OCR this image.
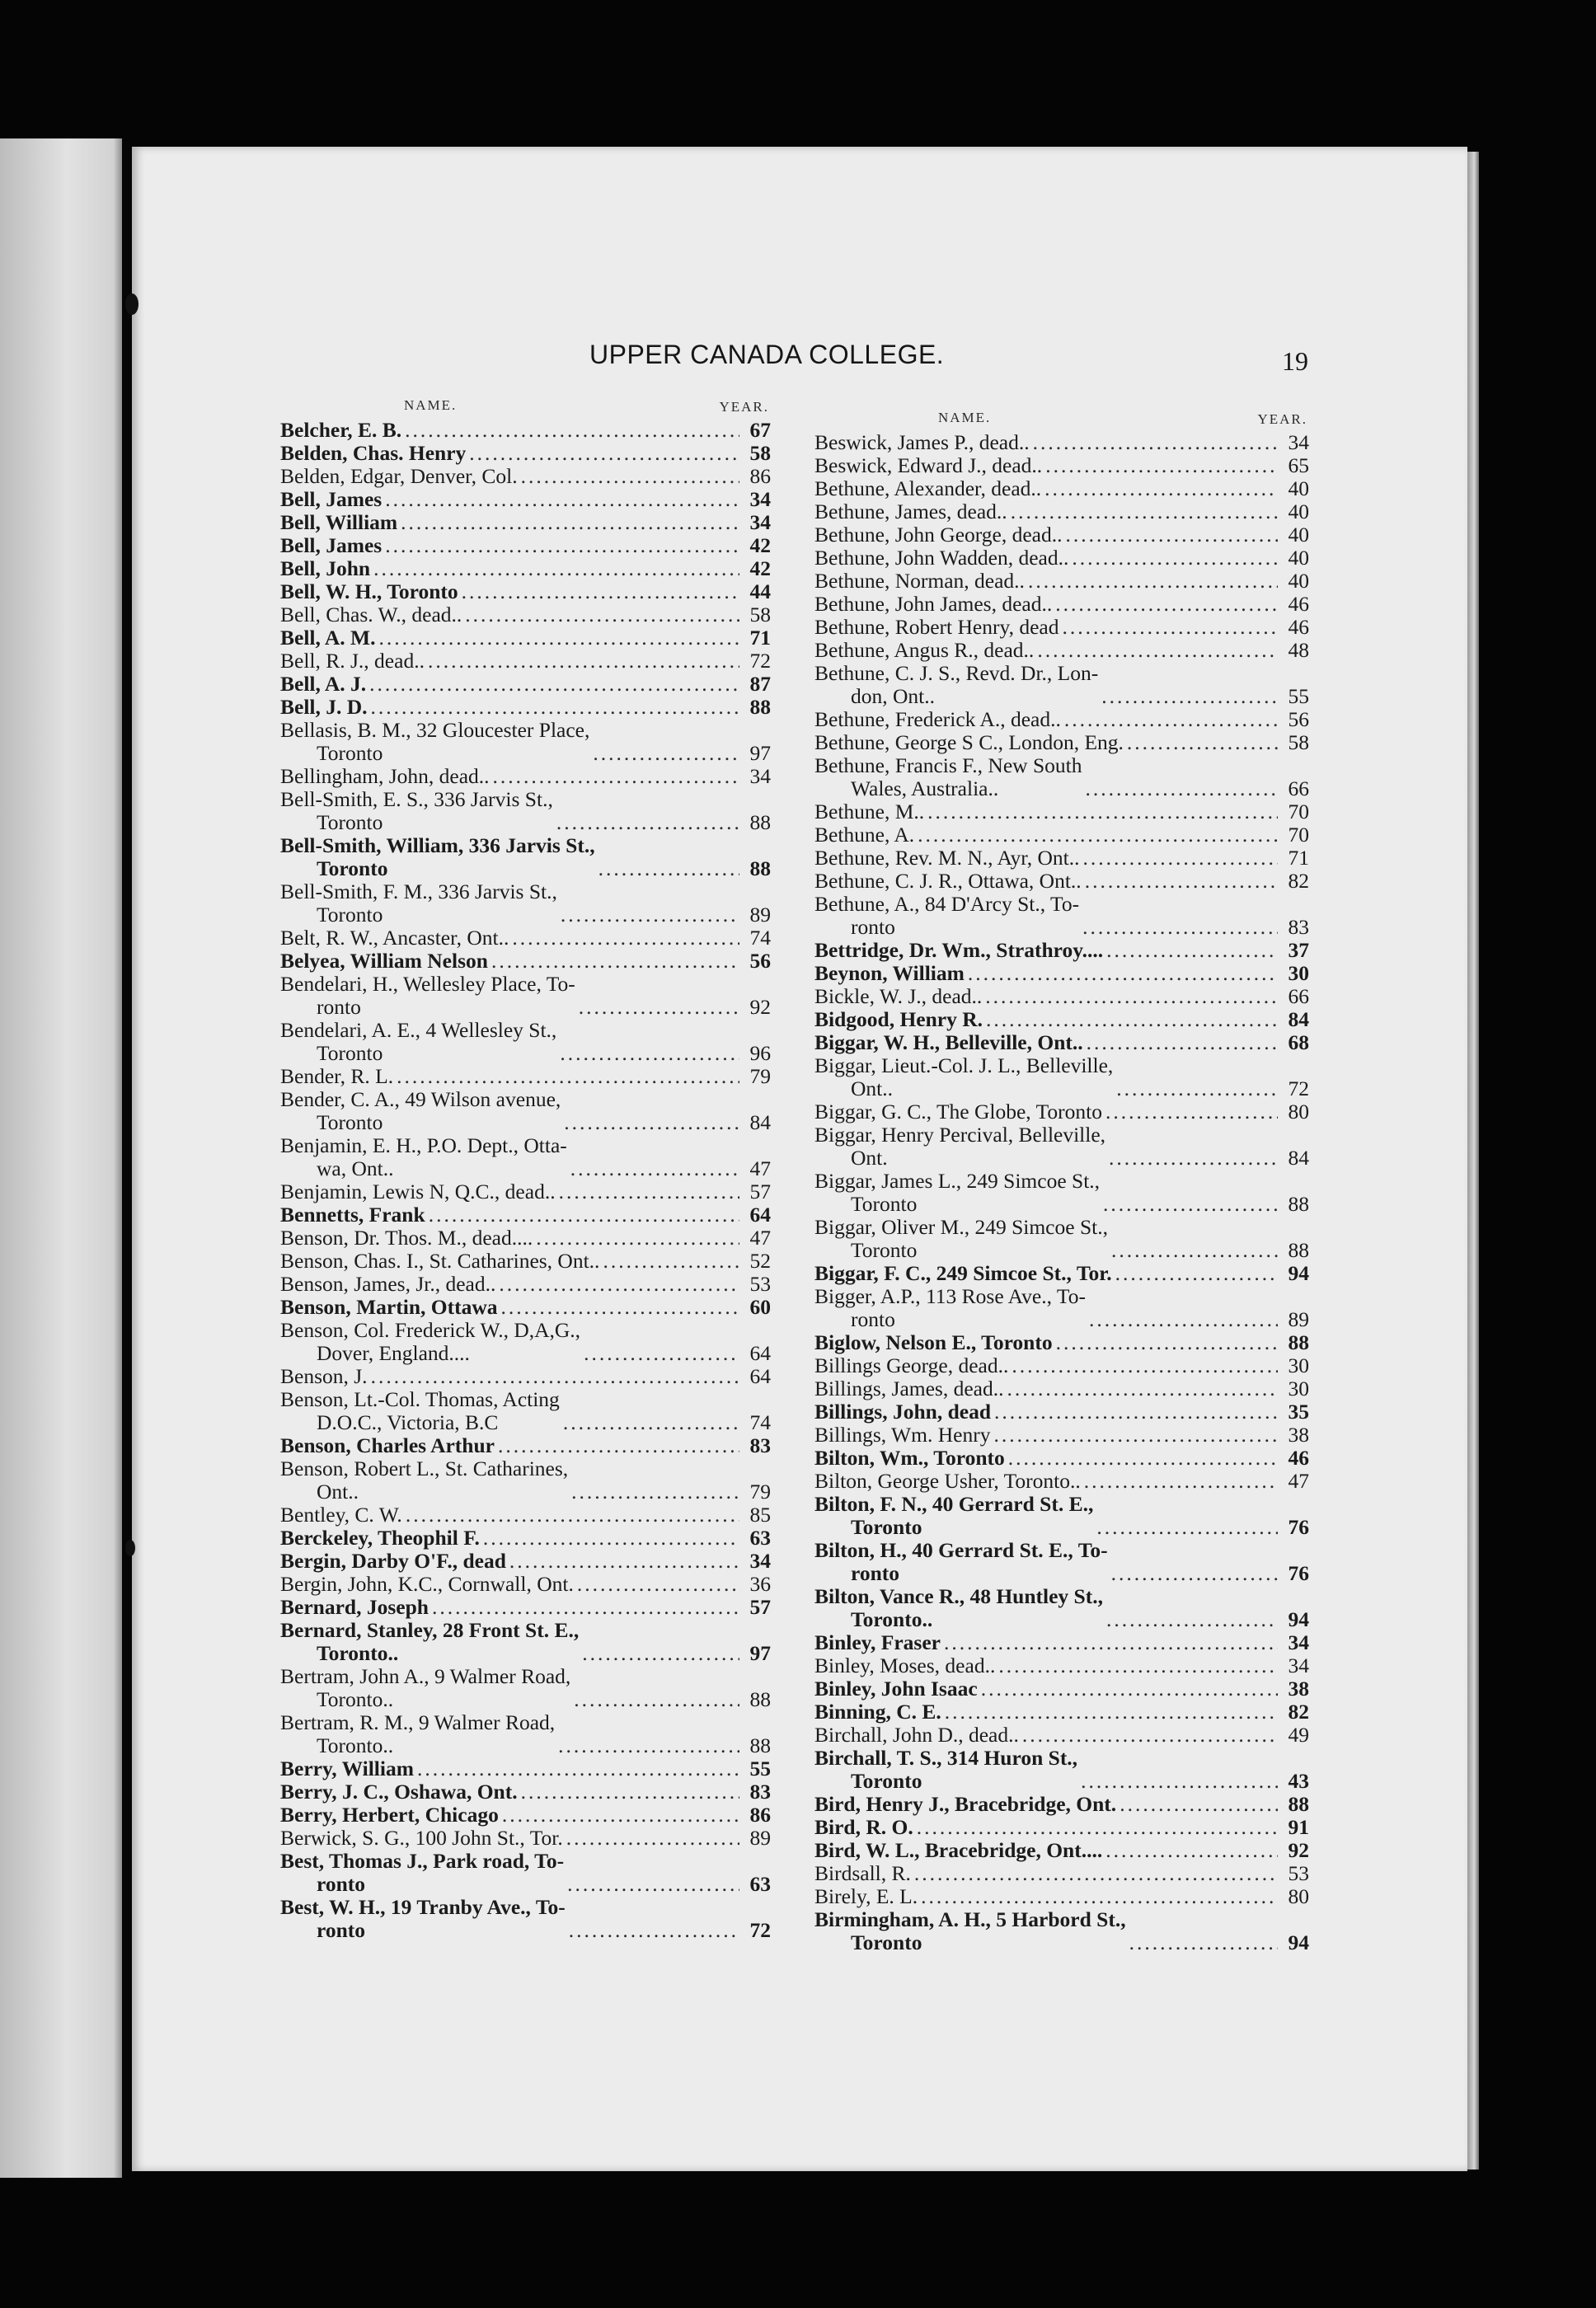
UPPER CANADA COLLEGE.	19
NAME.	YEAR.
Belcher, E. B. .....	67
Belden, Chas. Henry .....	58
Belden, Edgar, Denver, Col. .....	86
Bell, James .....	34
Bell, William .....	34
Bell, James .....	42
Bell, John .....	42
Bell, W. H., Toronto .....	44
Bell, Chas. W., dead.. .....	58
Bell, A. M. .....	71
Bell, R. J., dead.. .....	72
Bell, A. J. .....	87
Bell, J. D. .....	88
Bellasis, B. M., 32 Gloucester Place,
Toronto .....	97
Bellingham, John, dead.. .....	34
Bell-Smith, E. S., 336 Jarvis St.,
Toronto .....	88
Bell-Smith, William, 336 Jarvis St.,
Toronto .....	88
Bell-Smith, F. M., 336 Jarvis St.,
Toronto .....	89
Belt, R. W., Ancaster, Ont.. .....	74
Belyea, William Nelson .....	56
Bendelari, H., Wellesley Place, To-
ronto .....	92
Bendelari, A. E., 4 Wellesley St.,
Toronto .....	96
Bender, R. L. .....	79
Bender, C. A., 49 Wilson avenue,
Toronto .....	84
Benjamin, E. H., P.O. Dept., Otta-
wa, Ont.. .....	47
Benjamin, Lewis N, Q.C., dead.. .....	57
Bennetts, Frank .....	64
Benson, Dr. Thos. M., dead.... .....	47
Benson, Chas. I., St. Catharines, Ont.. .....	52
Benson, James, Jr., dead.. .....	53
Benson, Martin, Ottawa .....	60
Benson, Col. Frederick W., D,A,G.,
Dover, England.... .....	64
Benson, J. .....	64
Benson, Lt.-Col. Thomas, Acting
D.O.C., Victoria, B.C .....	74
Benson, Charles Arthur .....	83
Benson, Robert L., St. Catharines,
Ont.. .....	79
Bentley, C. W. .....	85
Berckeley, Theophil F. .....	63
Bergin, Darby O'F., dead .....	34
Bergin, John, K.C., Cornwall, Ont. .....	36
Bernard, Joseph .....	57
Bernard, Stanley, 28 Front St. E.,
Toronto.. .....	97
Bertram, John A., 9 Walmer Road,
Toronto.. .....	88
Bertram, R. M., 9 Walmer Road,
Toronto.. .....	88
Berry, William .....	55
Berry, J. C., Oshawa, Ont. .....	83
Berry, Herbert, Chicago .....	86
Berwick, S. G., 100 John St., Tor. .....	89
Best, Thomas J., Park road, To-
ronto .....	63
Best, W. H., 19 Tranby Ave., To-
ronto .....	72
NAME.	YEAR.
Beswick, James P., dead.. .....	34
Beswick, Edward J., dead.. .....	65
Bethune, Alexander, dead.. .....	40
Bethune, James, dead.. .....	40
Bethune, John George, dead.. .....	40
Bethune, John Wadden, dead.. .....	40
Bethune, Norman, dead.. .....	40
Bethune, John James, dead.. .....	46
Bethune, Robert Henry, dead .....	46
Bethune, Angus R., dead.. .....	48
Bethune, C. J. S., Revd. Dr., Lon-
don, Ont.. .....	55
Bethune, Frederick A., dead.. .....	56
Bethune, George S C., London, Eng. .....	58
Bethune, Francis F., New South
Wales, Australia.. .....	66
Bethune, M.. .....	70
Bethune, A. .....	70
Bethune, Rev. M. N., Ayr, Ont.. .....	71
Bethune, C. J. R., Ottawa, Ont.. .....	82
Bethune, A., 84 D'Arcy St., To-
ronto .....	83
Bettridge, Dr. Wm., Strathroy.... .....	37
Beynon, William .....	30
Bickle, W. J., dead.. .....	66
Bidgood, Henry R. .....	84
Biggar, W. H., Belleville, Ont.. .....	68
Biggar, Lieut.-Col. J. L., Belleville,
Ont.. .....	72
Biggar, G. C., The Globe, Toronto .....	80
Biggar, Henry Percival, Belleville,
Ont. .....	84
Biggar, James L., 249 Simcoe St.,
Toronto .....	88
Biggar, Oliver M., 249 Simcoe St.,
Toronto .....	88
Biggar, F. C., 249 Simcoe St., Tor. .....	94
Bigger, A.P., 113 Rose Ave., To-
ronto .....	89
Biglow, Nelson E., Toronto .....	88
Billings George, dead.. .....	30
Billings, James, dead.. .....	30
Billings, John, dead .....	35
Billings, Wm. Henry .....	38
Bilton, Wm., Toronto .....	46
Bilton, George Usher, Toronto.. .....	47
Bilton, F. N., 40 Gerrard St. E.,
Toronto .....	76
Bilton, H., 40 Gerrard St. E., To-
ronto .....	76
Bilton, Vance R., 48 Huntley St.,
Toronto.. .....	94
Binley, Fraser .....	34
Binley, Moses, dead.. .....	34
Binley, John Isaac .....	38
Binning, C. E. .....	82
Birchall, John D., dead.. .....	49
Birchall, T. S., 314 Huron St.,
Toronto .....	43
Bird, Henry J., Bracebridge, Ont. .....	88
Bird, R. O. .....	91
Bird, W. L., Bracebridge, Ont.... .....	92
Birdsall, R. .....	53
Birely, E. L. .....	80
Birmingham, A. H., 5 Harbord St.,
Toronto .....	94
